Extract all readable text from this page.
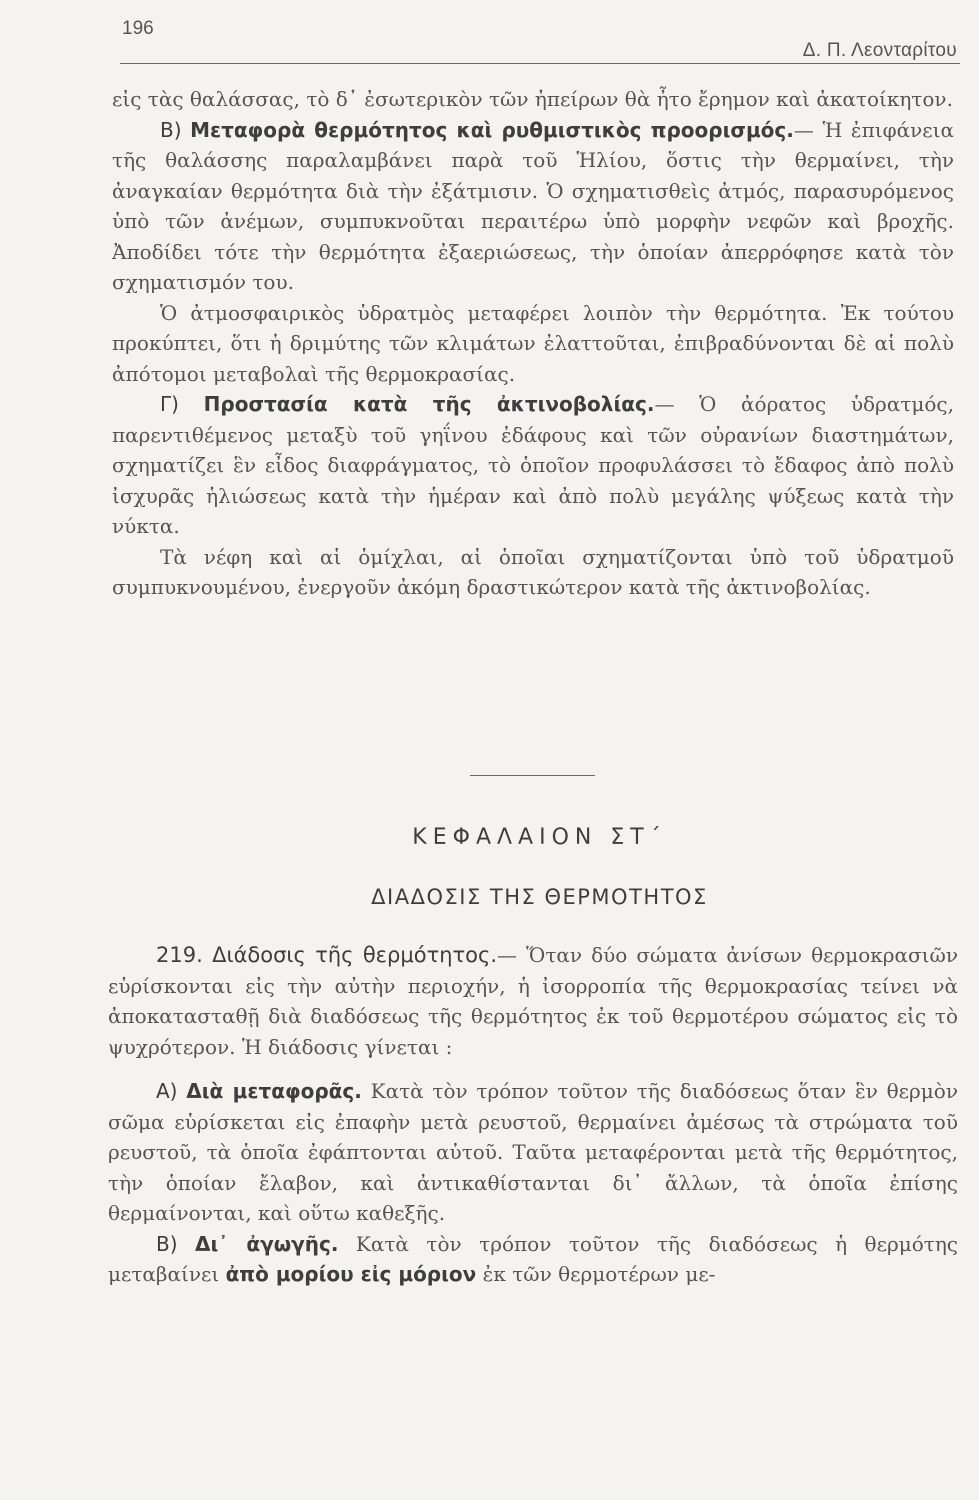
196
Δ. Π. Λεονταρίτου

εἰς τὰς θαλάσσας, τὸ δ᾽ ἐσωτερικὸν τῶν ἠπείρων θὰ ἦτο ἔρημον καὶ ἀκατοίκητον.

Β) Μεταφορὰ θερμότητος καὶ ρυθμιστικὸς προορισμός.— Ἡ ἐπιφάνεια τῆς θαλάσσης παραλαμβάνει παρὰ τοῦ Ἡλίου, ὅστις τὴν θερμαίνει, τὴν ἀναγκαίαν θερμότητα διὰ τὴν ἐξάτμισιν. Ὁ σχηματισθεὶς ἀτμός, παρασυρόμενος ὑπὸ τῶν ἀνέμων, συμπυκνοῦται περαιτέρω ὑπὸ μορφὴν νεφῶν καὶ βροχῆς. Ἀποδίδει τότε τὴν θερμότητα ἐξαεριώσεως, τὴν ὁποίαν ἀπερρόφησε κατὰ τὸν σχηματισμόν του.

Ὁ ἀτμοσφαιρικὸς ὑδρατμὸς μεταφέρει λοιπὸν τὴν θερμότητα. Ἐκ τούτου προκύπτει, ὅτι ἡ δριμύτης τῶν κλιμάτων ἐλαττοῦται, ἐπιβραδύνονται δὲ αἱ πολὺ ἀπότομοι μεταβολαὶ τῆς θερμοκρασίας.

Γ) Προστασία κατὰ τῆς ἀκτινοβολίας.— Ὁ ἀόρατος ὑδρατμός, παρεντιθέμενος μεταξὺ τοῦ γηΐνου ἐδάφους καὶ τῶν οὐρανίων διαστημάτων, σχηματίζει ἓν εἶδος διαφράγματος, τὸ ὁποῖον προφυλάσσει τὸ ἔδαφος ἀπὸ πολὺ ἰσχυρᾶς ἡλιώσεως κατὰ τὴν ἡμέραν καὶ ἀπὸ πολὺ μεγάλης ψύξεως κατὰ τὴν νύκτα.

Τὰ νέφη καὶ αἱ ὁμίχλαι, αἱ ὁποῖαι σχηματίζονται ὑπὸ τοῦ ὑδρατμοῦ συμπυκνουμένου, ἐνεργοῦν ἀκόμη δραστικώτερον κατὰ τῆς ἀκτινοβολίας.

ΚΕΦΑΛΑΙΟΝ ΣΤ΄
ΔΙΑΔΟΣΙΣ ΤΗΣ ΘΕΡΜΟΤΗΤΟΣ

219. Διάδοσις τῆς θερμότητος.— Ὅταν δύο σώματα ἀνίσων θερμοκρασιῶν εὑρίσκονται εἰς τὴν αὐτὴν περιοχήν, ἡ ἰσορροπία τῆς θερμοκρασίας τείνει νὰ ἀποκατασταθῇ διὰ διαδόσεως τῆς θερμότητος ἐκ τοῦ θερμοτέρου σώματος εἰς τὸ ψυχρότερον. Ἡ διάδοσις γίνεται :

Α) Διὰ μεταφορᾶς. Κατὰ τὸν τρόπον τοῦτον τῆς διαδόσεως ὅταν ἓν θερμὸν σῶμα εὑρίσκεται εἰς ἐπαφὴν μετὰ ρευστοῦ, θερμαίνει ἀμέσως τὰ στρώματα τοῦ ρευστοῦ, τὰ ὁποῖα ἐφάπτονται αὐτοῦ. Ταῦτα μεταφέρονται μετὰ τῆς θερμότητος, τὴν ὁποίαν ἔλαβον, καὶ ἀντικαθίστανται δι᾽ ἄλλων, τὰ ὁποῖα ἐπίσης θερμαίνονται, καὶ οὕτω καθεξῆς.

Β) Δι᾽ ἀγωγῆς. Κατὰ τὸν τρόπον τοῦτον τῆς διαδόσεως ἡ θερμότης μεταβαίνει ἀπὸ μορίου εἰς μόριον ἐκ τῶν θερμοτέρων με-
